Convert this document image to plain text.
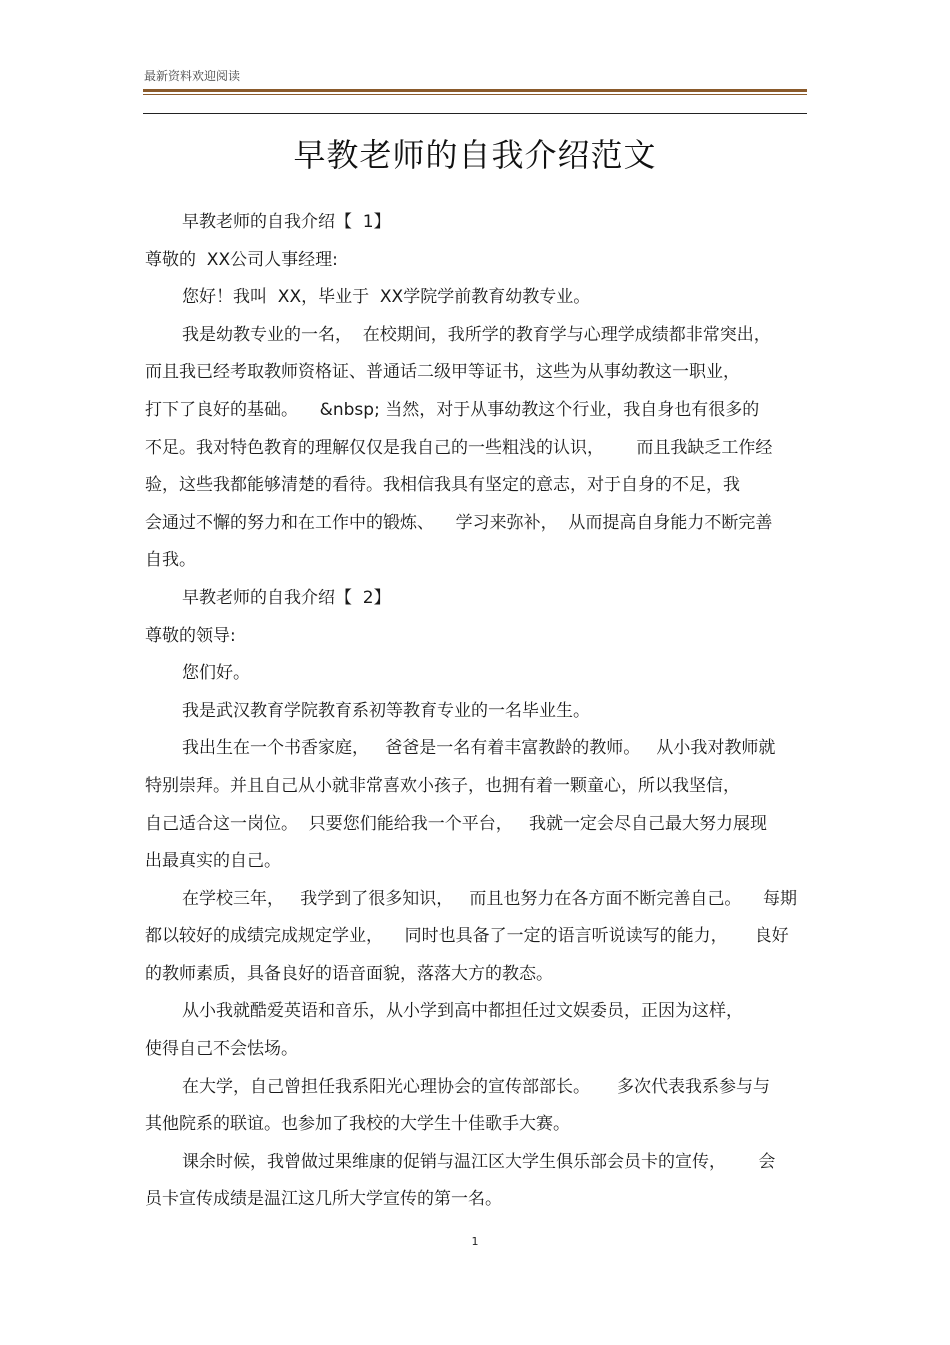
最新资料欢迎阅读
早教老师的自我介绍范文
早教老师的自我介绍【  1】
尊敬的  XX公司人事经理:
您好！我叫  XX，毕业于  XX学院学前教育幼教专业。
我是幼教专业的一名，  在校期间，我所学的教育学与心理学成绩都非常突出，
而且我已经考取教师资格证、普通话二级甲等证书，这些为从事幼教这一职业，
打下了良好的基础。    &nbsp; 当然，对于从事幼教这个行业，我自身也有很多的
不足。我对特色教育的理解仅仅是我自己的一些粗浅的认识，      而且我缺乏工作经
验，这些我都能够清楚的看待。我相信我具有坚定的意志，对于自身的不足，我
会通过不懈的努力和在工作中的锻炼、    学习来弥补，  从而提高自身能力不断完善
自我。
早教老师的自我介绍【  2】
尊敬的领导:
您们好。
我是武汉教育学院教育系初等教育专业的一名毕业生。
我出生在一个书香家庭，   爸爸是一名有着丰富教龄的教师。   从小我对教师就
特别崇拜。并且自己从小就非常喜欢小孩子，也拥有着一颗童心，所以我坚信，
自己适合这一岗位。  只要您们能给我一个平台，   我就一定会尽自己最大努力展现
出最真实的自己。
在学校三年，   我学到了很多知识，   而且也努力在各方面不断完善自己。    每期
都以较好的成绩完成规定学业，    同时也具备了一定的语言听说读写的能力，     良好
的教师素质，具备良好的语音面貌，落落大方的教态。
从小我就酷爱英语和音乐，从小学到高中都担任过文娱委员，正因为这样，
使得自己不会怯场。
在大学，自己曾担任我系阳光心理协会的宣传部部长。     多次代表我系参与与
其他院系的联谊。也参加了我校的大学生十佳歌手大赛。
课余时候，我曾做过果维康的促销与温江区大学生俱乐部会员卡的宣传，      会
员卡宣传成绩是温江这几所大学宣传的第一名。
1
